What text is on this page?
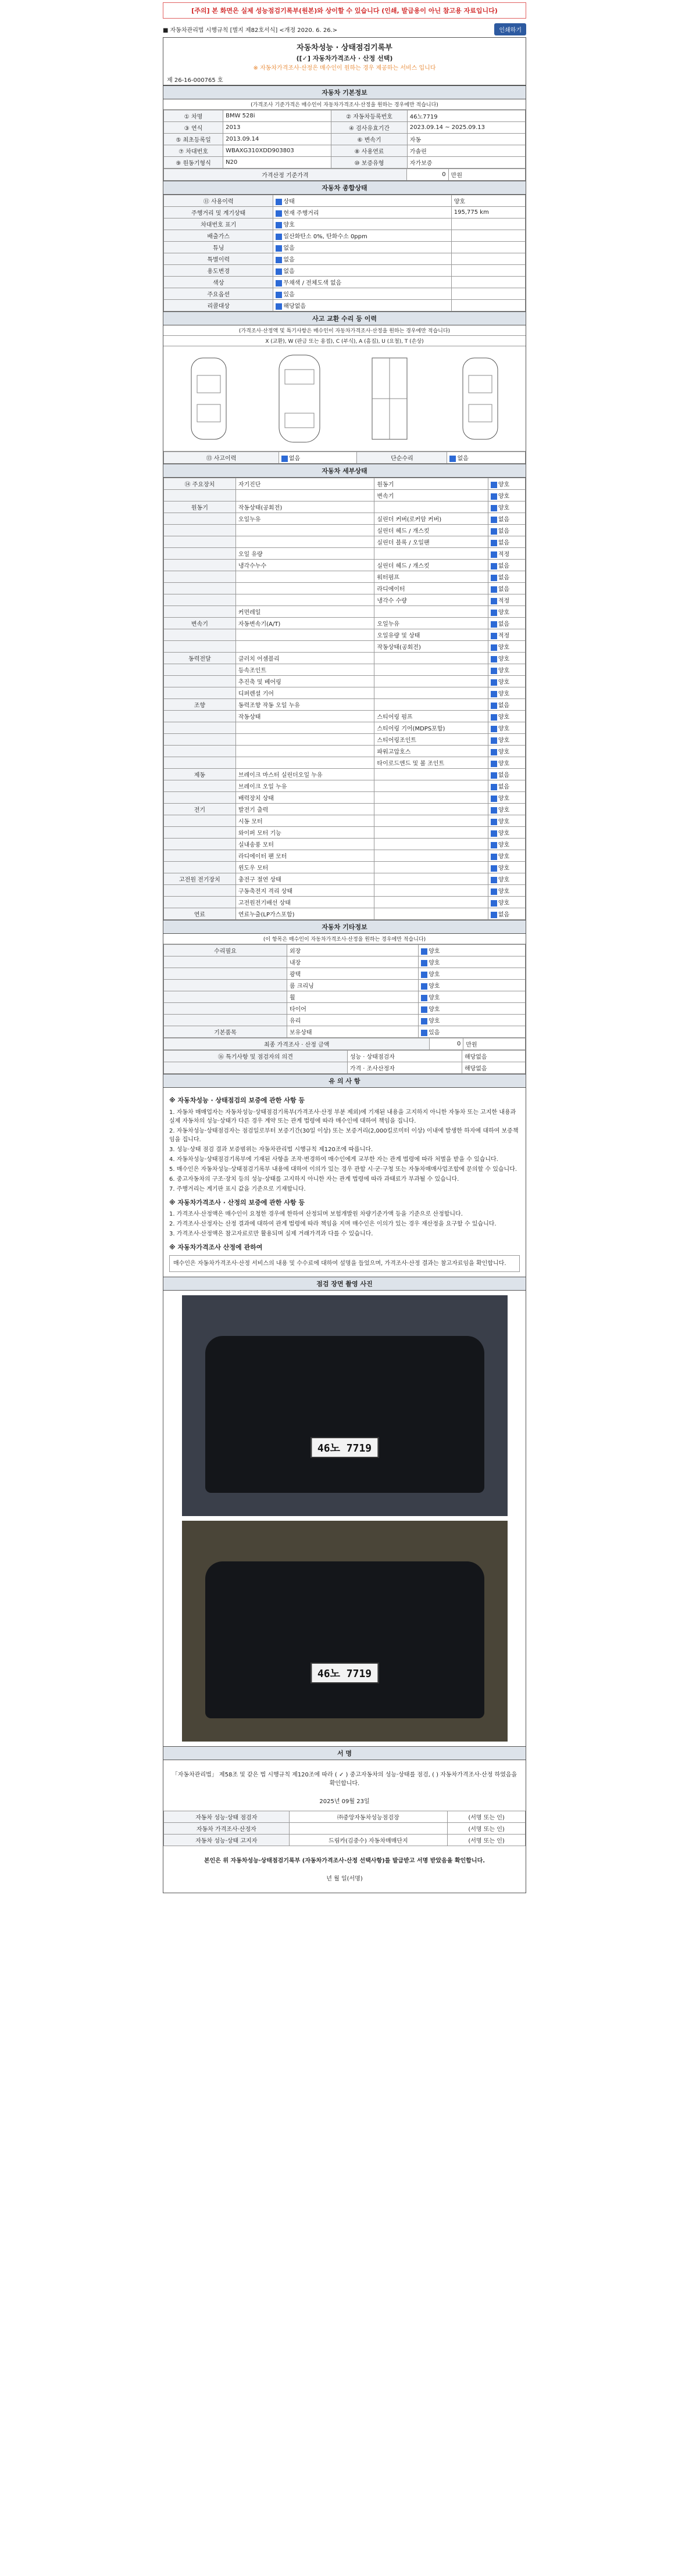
[주의] 본 화면은 실제 성능점검기록부(원본)와 상이할 수 있습니다 (인쇄, 발급용이 아닌 참고용 자료입니다)
■ 자동차관리법 시행규칙 [별지 제82호서식] <개정 2020. 6. 26.>	인쇄하기
자동차성능 · 상태점검기록부
([✓] 자동차가격조사 · 산정 선택)
※ 자동차가격조사·산정은 매수인이 원하는 경우 제공하는 서비스 입니다
제 26-16-000765 호
자동차 기본정보
(가격조사 기준가격은 매수인이 자동차가격조사·산정을 원하는 경우에만 적습니다)
① 차명	BMW 528i	② 자동차등록번호	46노7719
③ 연식	2013	④ 검사유효기간	2023.09.14 ~ 2025.09.13
⑤ 최초등록일	2013.09.14	⑥ 변속기	자동
⑦ 차대번호	WBAXG310XDD903803	⑧ 사용연료	가솔린
⑨ 원동기형식	N20	⑩ 보증유형	자가보증
가격산정 기준가격	0	만원
자동차 종합상태
⑪ 사용이력	상태	양호
주행거리 및 계기상태	현재 주행거리	195,775 km
차대번호 표기	양호	
배출가스	일산화탄소 0%, 탄화수소 0ppm	
튜닝	없음	
특별이력	없음	
용도변경	없음	
색상	무채색 / 전체도색 없음	
주요옵션	있음	
리콜대상	해당없음	
사고 교환 수리 등 이력
(가격조사·산정액 및 특기사항은 매수인이 자동차가격조사·산정을 원하는 경우에만 적습니다)
X (교환), W (판금 또는 용접), C (부식), A (흠집), U (요철), T (손상)
⑬ 사고이력	없음	단순수리	없음
자동차 세부상태
⑭ 주요장치	자기진단	원동기	양호
		변속기	양호
원동기	작동상태(공회전)		양호
	오일누유	실린더 커버(로커암 커버)	없음
		실린더 헤드 / 개스킷	없음
		실린더 블록 / 오일팬	없음
	오일 유량		적정
	냉각수누수	실린더 헤드 / 개스킷	없음
		워터펌프	없음
		라디에이터	없음
		냉각수 수량	적정
	커먼레일		양호
변속기	자동변속기(A/T)	오일누유	없음
		오일유량 및 상태	적정
		작동상태(공회전)	양호
동력전달	클러치 어셈블리		양호
	등속조인트		양호
	추진축 및 베어링		양호
	디퍼렌셜 기어		양호
조향	동력조향 작동 오일 누유		없음
	작동상태	스티어링 펌프	양호
		스티어링 기어(MDPS포함)	양호
		스티어링조인트	양호
		파워고압호스	양호
		타이로드엔드 및 볼 조인트	양호
제동	브레이크 마스터 실린더오일 누유		없음
	브레이크 오일 누유		없음
	배력장치 상태		양호
전기	발전기 출력		양호
	시동 모터		양호
	와이퍼 모터 기능		양호
	실내송풍 모터		양호
	라디에이터 팬 모터		양호
	윈도우 모터		양호
고전원 전기장치	충전구 절연 상태		양호
	구동축전지 격리 상태		양호
	고전원전기배선 상태		양호
연료	연료누출(LP가스포함)		없음
자동차 기타정보
(이 항목은 매수인이 자동차가격조사·산정을 원하는 경우에만 적습니다)
수리필요	외장	양호
	내장	양호
	광택	양호
	룸 크리닝	양호
	휠	양호
	타이어	양호
	유리	양호
기본품목	보유상태	있음
최종 가격조사 · 산정 금액	0	만원
⑯ 특기사항 및 점검자의 의견	성능 · 상태점검자	해당없음
	가격 · 조사산정자	해당없음
유 의 사 항
※ 자동차성능 · 상태점검의 보증에 관한 사항 등

1. 자동차 매매업자는 자동차성능·상태점검기록부(가격조사·산정 부분 제외)에 기재된 내용을 고지하지 아니한 자동차 또는 고지한 내용과 실제 자동차의 성능·상태가 다른 경우 계약 또는 관계 법령에 따라 매수인에 대하여 책임을 집니다.

2. 자동차성능·상태점검자는 점검일로부터 보증기간(30일 이상) 또는 보증거리(2,000킬로미터 이상) 이내에 발생한 하자에 대하여 보증책임을 집니다.

3. 성능·상태 점검 결과 보증범위는 자동차관리법 시행규칙 제120조에 따릅니다.

4. 자동차성능·상태점검기록부에 기재된 사항을 조작·변경하여 매수인에게 교부한 자는 관계 법령에 따라 처벌을 받을 수 있습니다.

5. 매수인은 자동차성능·상태점검기록부 내용에 대하여 이의가 있는 경우 관할 시·군·구청 또는 자동차매매사업조합에 문의할 수 있습니다.

6. 중고자동차의 구조·장치 등의 성능·상태를 고지하지 아니한 자는 관계 법령에 따라 과태료가 부과될 수 있습니다.

7. 주행거리는 계기판 표시 값을 기준으로 기재합니다.

※ 자동차가격조사 · 산정의 보증에 관한 사항 등

1. 가격조사·산정액은 매수인이 요청한 경우에 한하여 산정되며 보험개발원 차량기준가액 등을 기준으로 산정합니다.

2. 가격조사·산정자는 산정 결과에 대하여 관계 법령에 따라 책임을 지며 매수인은 이의가 있는 경우 재산정을 요구할 수 있습니다.

3. 가격조사·산정액은 참고자료로만 활용되며 실제 거래가격과 다를 수 있습니다.

※ 자동차가격조사 산정에 관하여

매수인은 자동차가격조사·산정 서비스의 내용 및 수수료에 대하여 설명을 들었으며, 가격조사·산정 결과는 참고자료임을 확인합니다.

점검 장면 촬영 사진
46노 7719
46노 7719
서 명

「자동차관리법」 제58조 및 같은 법 시행규칙 제120조에 따라 ( ✓ ) 중고자동차의 성능·상태를 점검, ( ) 자동차가격조사·산정 하였음을 확인합니다.

2025년 09월 23일

자동차 성능·상태 점검자	㈜중앙자동차성능점검장	(서명 또는 인)
자동차 가격조사·산정자		(서명 또는 인)
자동차 성능·상태 고지자	드림카(김중수) 자동차매매단지	(서명 또는 인)

본인은 위 자동차성능·상태점검기록부 (자동차가격조사·산정 선택사항)를 발급받고 서명 받았음을 확인합니다.

년 월 일(서명)
